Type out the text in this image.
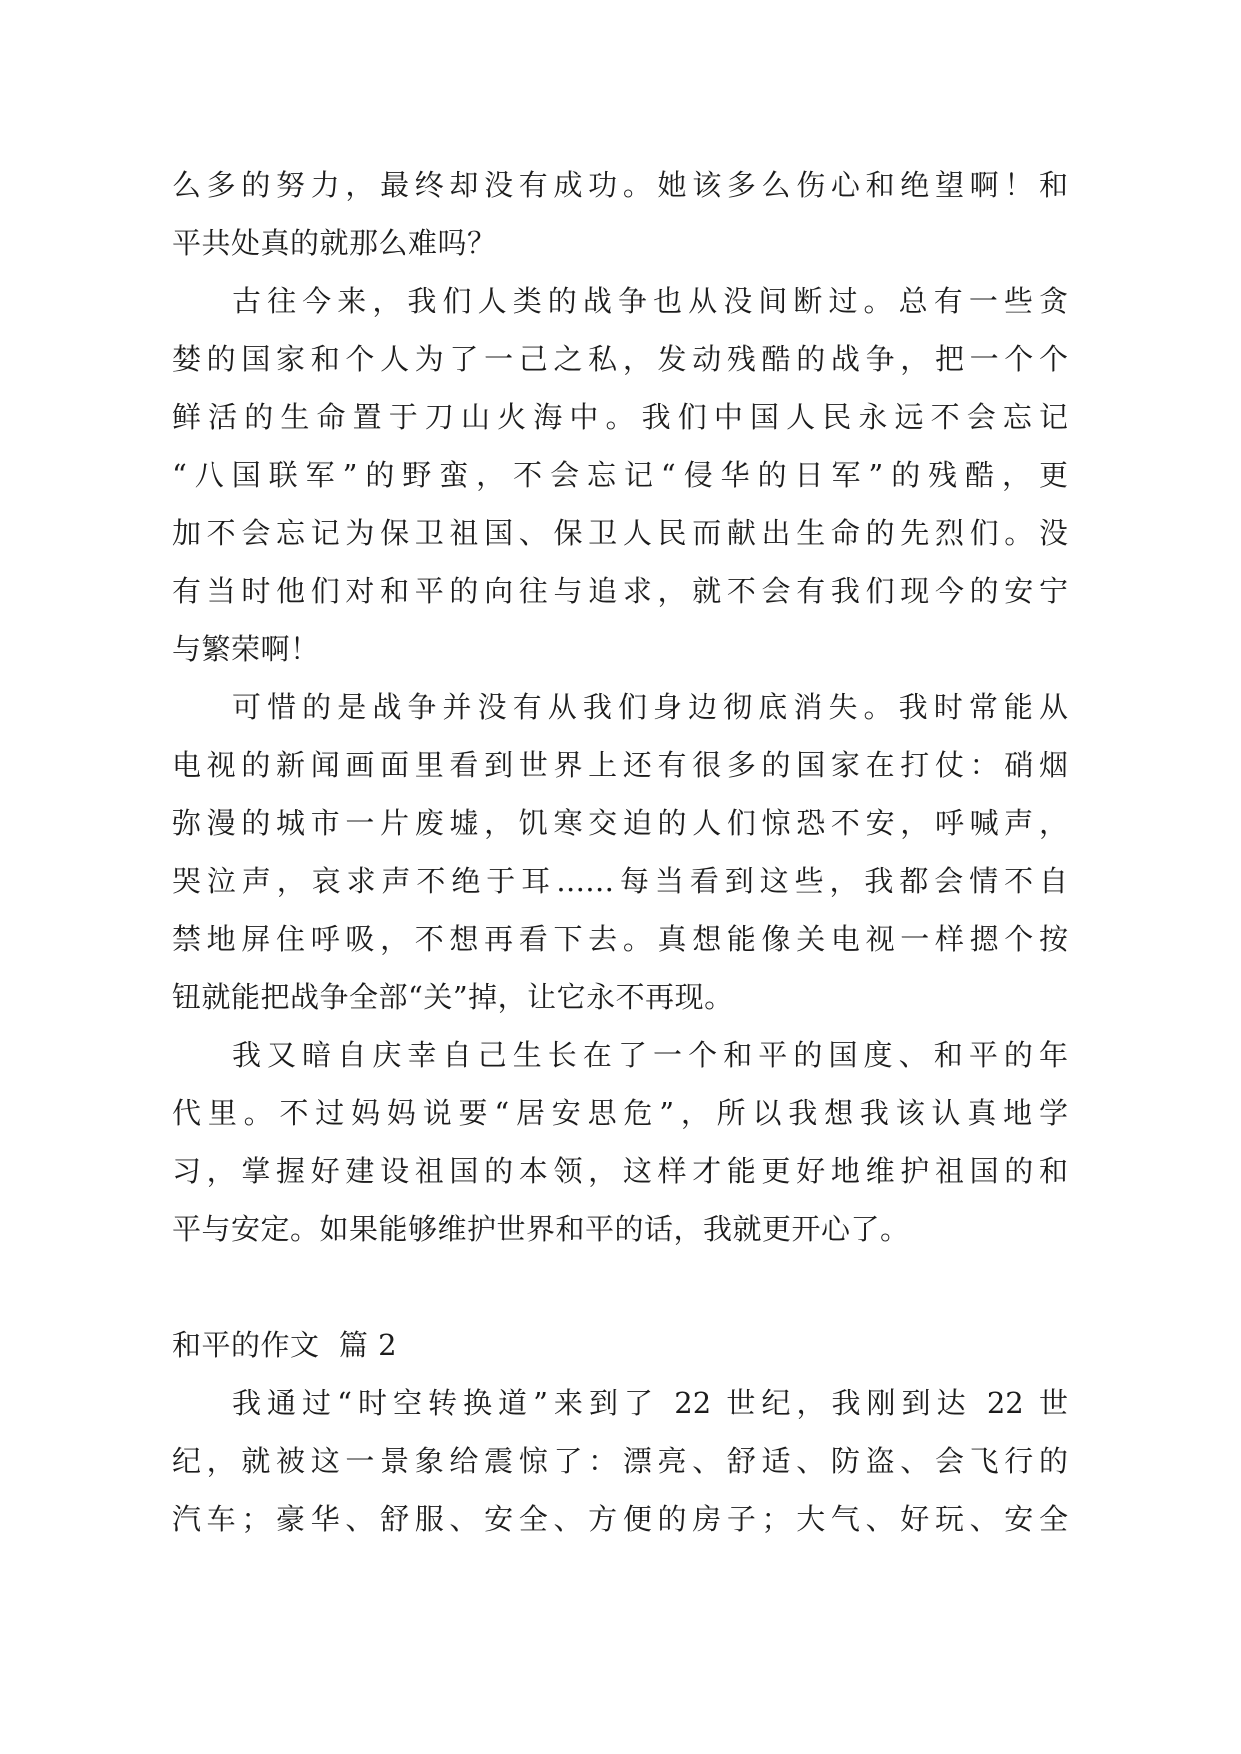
么多的努力，最终却没有成功。她该多么伤心和绝望啊！和
平共处真的就那么难吗？
古往今来，我们人类的战争也从没间断过。总有一些贪
婪的国家和个人为了一己之私，发动残酷的战争，把一个个
鲜活的生命置于刀山火海中。我们中国人民永远不会忘记
“八国联军”的野蛮，不会忘记“侵华的日军”的残酷，更
加不会忘记为保卫祖国、保卫人民而献出生命的先烈们。没
有当时他们对和平的向往与追求，就不会有我们现今的安宁
与繁荣啊！
可惜的是战争并没有从我们身边彻底消失。我时常能从
电视的新闻画面里看到世界上还有很多的国家在打仗：硝烟
弥漫的城市一片废墟，饥寒交迫的人们惊恐不安，呼喊声，
哭泣声，哀求声不绝于耳……每当看到这些，我都会情不自
禁地屏住呼吸，不想再看下去。真想能像关电视一样摁个按
钮就能把战争全部“关”掉，让它永不再现。
我又暗自庆幸自己生长在了一个和平的国度、和平的年
代里。不过妈妈说要“居安思危”，所以我想我该认真地学
习，掌握好建设祖国的本领，这样才能更好地维护祖国的和
平与安定。如果能够维护世界和平的话，我就更开心了。
和平的作文  篇 2
我通过“时空转换道”来到了 22 世纪，我刚到达 22 世
纪，就被这一景象给震惊了：漂亮、舒适、防盗、会飞行的
汽车；豪华、舒服、安全、方便的房子；大气、好玩、安全
